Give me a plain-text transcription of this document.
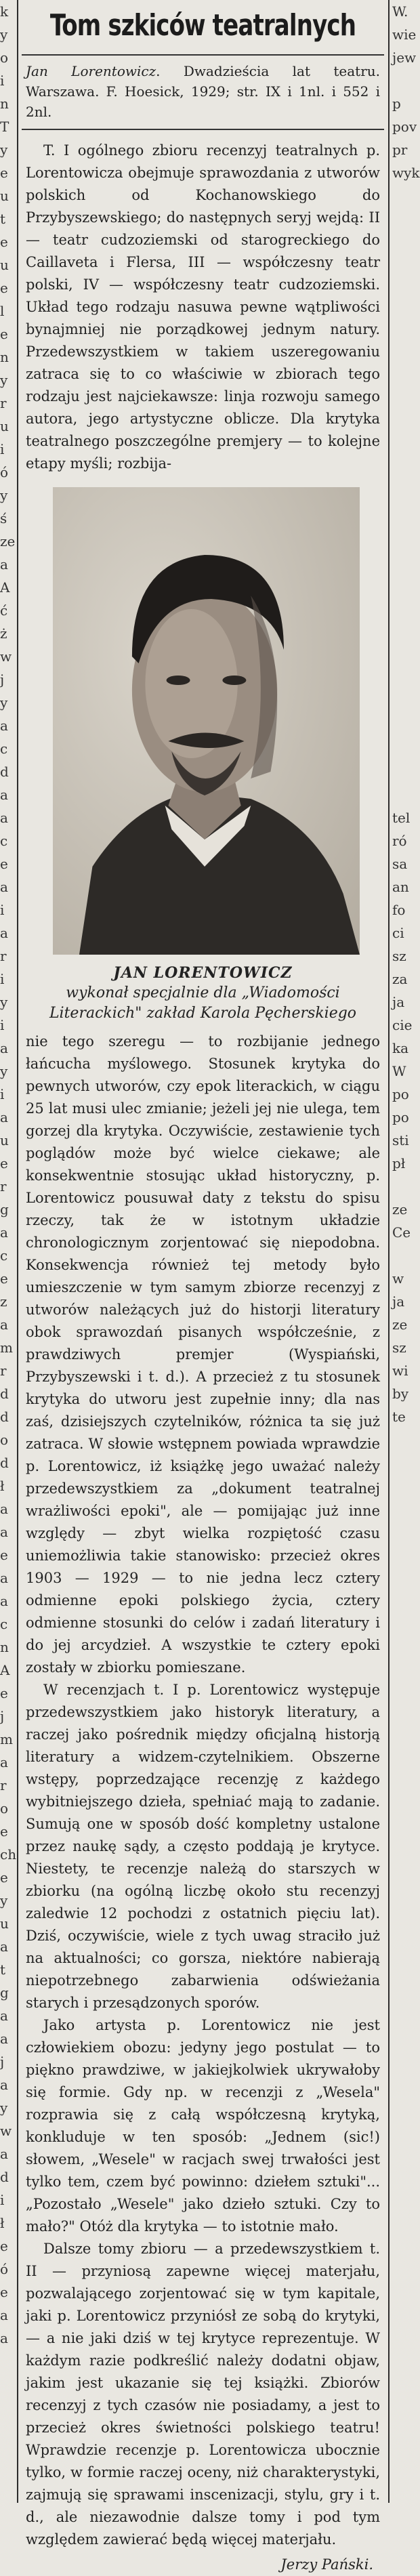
k
y
o
i
n
T
y
e
u
t
e
u
e
l
e
n
y
r
u
i
ó
y
ś
ze
a
A
ć
ż
w
j
y
a
c
d
a
a
c
e
a
i
a
r
i
y
i
a
y
i
a
u
e
r
g
a
c
e
z
a
m
r
d
d
o
d
ł
a
a
e
a
a
c
n
A
e
j
m
a
r
o
e
ch
e
y
u
a
t
g
a
a
j
a
y
w
a
d
i
ł
e
ó
e
a
a
Tom szkiców teatralnych
Jan Lorentowicz. Dwadzieścia lat teatru. Warszawa. F. Hoesick, 1929; str. IX i 1nl. i 552 i 2nl.

T. I ogólnego zbioru recenzyj teatralnych p. Lorentowicza obejmuje sprawozdania z utworów polskich od Kochanowskiego do Przybyszewskiego; do następnych seryj wejdą: II — teatr cudzoziemski od starogreckiego do Caillaveta i Flersa, III — współczesny teatr polski, IV — współczesny teatr cudzoziemski. Układ tego rodzaju nasuwa pewne wątpliwości bynajmniej nie porządkowej jednym natury. Przedewszystkiem w takiem uszeregowaniu zatraca się to co właściwie w zbiorach tego rodzaju jest najciekawsze: linja rozwoju samego autora, jego artystyczne oblicze. Dla krytyka teatralnego poszczególne premjery — to kolejne etapy myśli; rozbija-

JAN LORENTOWICZ
wykonał specjalnie dla „Wiadomości Literackich" zakład Karola Pęcherskiego

nie tego szeregu — to rozbijanie jednego łańcucha myślowego. Stosunek krytyka do pewnych utworów, czy epok literackich, w ciągu 25 lat musi ulec zmianie; jeżeli jej nie ulega, tem gorzej dla krytyka. Oczywiście, zestawienie tych poglądów może być wielce ciekawe; ale konsekwentnie stosując układ historyczny, p. Lorentowicz pousuwał daty z tekstu do spisu rzeczy, tak że w istotnym układzie chronologicznym zorjentować się niepodobna. Konsekwencja również tej metody było umieszczenie w tym samym zbiorze recenzyj z utworów należących już do historji literatury obok sprawozdań pisanych współcześnie, z prawdziwych premjer (Wyspiański, Przybyszewski i t. d.). A przecież z tu stosunek krytyka do utworu jest zupełnie inny; dla nas zaś, dzisiejszych czytelników, różnica ta się już zatraca. W słowie wstępnem powiada wprawdzie p. Lorentowicz, iż książkę jego uważać należy przedewszystkiem za „dokument teatralnej wrażliwości epoki", ale — pomijając już inne względy — zbyt wielka rozpiętość czasu uniemożliwia takie stanowisko: przecież okres 1903 — 1929 — to nie jedna lecz cztery odmienne epoki polskiego życia, cztery odmienne stosunki do celów i zadań literatury i do jej arcydzieł. A wszystkie te cztery epoki zostały w zbiorku pomieszane.

W recenzjach t. I p. Lorentowicz występuje przedewszystkiem jako historyk literatury, a raczej jako pośrednik między oficjalną historją literatury a widzem-czytelnikiem. Obszerne wstępy, poprzedzające recenzję z każdego wybitniejszego dzieła, spełniać mają to zadanie. Sumują one w sposób dość kompletny ustalone przez naukę sądy, a często poddają je krytyce. Niestety, te recenzje należą do starszych w zbiorku (na ogólną liczbę około stu recenzyj zaledwie 12 pochodzi z ostatnich pięciu lat). Dziś, oczywiście, wiele z tych uwag straciło już na aktualności; co gorsza, niektóre nabierają niepotrzebnego zabarwienia odświeżania starych i przesądzonych sporów.

Jako artysta p. Lorentowicz nie jest człowiekiem obozu: jedyny jego postulat — to piękno prawdziwe, w jakiejkolwiek ukrywałoby się formie. Gdy np. w recenzji z „Wesela" rozprawia się z całą współczesną krytyką, konkluduje w ten sposób: „Jednem (sic!) słowem, „Wesele" w racjach swej trwałości jest tylko tem, czem być powinno: dziełem sztuki"... „Pozostało „Wesele" jako dzieło sztuki. Czy to mało?" Otóż dla krytyka — to istotnie mało.

Dalsze tomy zbioru — a przedewszystkiem t. II — przyniosą zapewne więcej materjału, pozwalającego zorjentować się w tym kapitale, jaki p. Lorentowicz przyniósł ze sobą do krytyki, — a nie jaki dziś w tej krytyce reprezentuje. W każdym razie podkreślić należy dodatni objaw, jakim jest ukazanie się tej książki. Zbiorów recenzyj z tych czasów nie posiadamy, a jest to przecież okres świetności polskiego teatru! Wprawdzie recenzje p. Lorentowicza ubocznie tylko, w formie raczej oceny, niż charakterystyki, zajmują się sprawami inscenizacji, stylu, gry i t. d., ale niezawodnie dalsze tomy i pod tym względem zawierać będą więcej materjału.

Jerzy Pański.
W.
wie
jew

p
pov
pr
wyk

tel
ró
sa
an
fo
ci
sz
za
ja
cie
ka
W
po
po
sti
pł

ze
Ce

w
ja
ze
sz
wi
by
te
